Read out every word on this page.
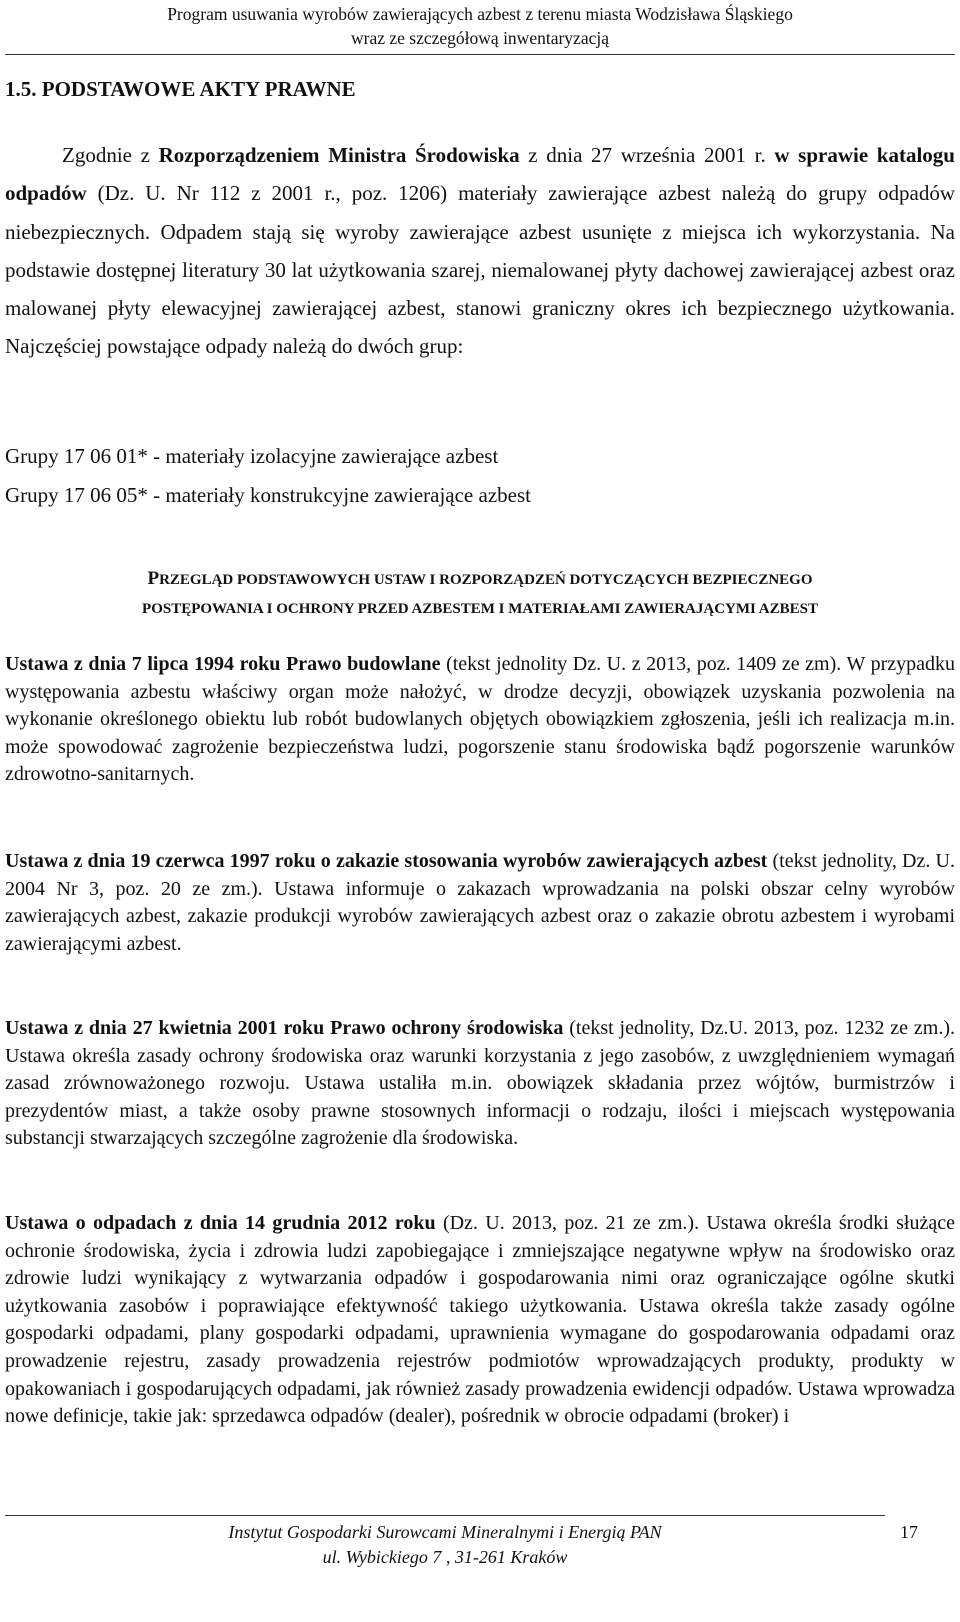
Program usuwania wyrobów zawierających azbest z terenu miasta Wodzisława Śląskiego
wraz ze szczegółową inwentaryzacją
1.5. PODSTAWOWE AKTY PRAWNE
Zgodnie z Rozporządzeniem Ministra Środowiska z dnia 27 września 2001 r. w sprawie katalogu odpadów (Dz. U. Nr 112 z 2001 r., poz. 1206) materiały zawierające azbest należą do grupy odpadów niebezpiecznych. Odpadem stają się wyroby zawierające azbest usunięte z miejsca ich wykorzystania. Na podstawie dostępnej literatury 30 lat użytkowania szarej, niemalowanej płyty dachowej zawierającej azbest oraz malowanej płyty elewacyjnej zawierającej azbest, stanowi graniczny okres ich bezpiecznego użytkowania. Najczęściej powstające odpady należą do dwóch grup:
Grupy 17 06 01* - materiały izolacyjne zawierające azbest
Grupy 17 06 05* - materiały konstrukcyjne zawierające azbest
PRZEGLĄD PODSTAWOWYCH USTAW I ROZPORZĄDZEŃ DOTYCZĄCYCH BEZPIECZNEGO
POSTĘPOWANIA I OCHRONY PRZED AZBESTEM I MATERIAŁAMI ZAWIERAJĄCYMI AZBEST
Ustawa z dnia 7 lipca 1994 roku Prawo budowlane (tekst jednolity Dz. U. z 2013, poz. 1409 ze zm). W przypadku występowania azbestu właściwy organ może nałożyć, w drodze decyzji, obowiązek uzyskania pozwolenia na wykonanie określonego obiektu lub robót budowlanych objętych obowiązkiem zgłoszenia, jeśli ich realizacja m.in. może spowodować zagrożenie bezpieczeństwa ludzi, pogorszenie stanu środowiska bądź pogorszenie warunków zdrowotno-sanitarnych.
Ustawa z dnia 19 czerwca 1997 roku o zakazie stosowania wyrobów zawierających azbest (tekst jednolity, Dz. U. 2004 Nr 3, poz. 20 ze zm.). Ustawa informuje o zakazach wprowadzania na polski obszar celny wyrobów zawierających azbest, zakazie produkcji wyrobów zawierających azbest oraz o zakazie obrotu azbestem i wyrobami zawierającymi azbest.
Ustawa z dnia 27 kwietnia 2001 roku Prawo ochrony środowiska (tekst jednolity, Dz.U. 2013, poz. 1232 ze zm.). Ustawa określa zasady ochrony środowiska oraz warunki korzystania z jego zasobów, z uwzględnieniem wymagań zasad zrównoważonego rozwoju. Ustawa ustaliła m.in. obowiązek składania przez wójtów, burmistrzów i prezydentów miast, a także osoby prawne stosownych informacji o rodzaju, ilości i miejscach występowania substancji stwarzających szczególne zagrożenie dla środowiska.
Ustawa o odpadach z dnia 14 grudnia 2012 roku (Dz. U. 2013, poz. 21 ze zm.). Ustawa określa środki służące ochronie środowiska, życia i zdrowia ludzi zapobiegające i zmniejszające negatywne wpływ na środowisko oraz zdrowie ludzi wynikający z wytwarzania odpadów i gospodarowania nimi oraz ograniczające ogólne skutki użytkowania zasobów i poprawiające efektywność takiego użytkowania. Ustawa określa także zasady ogólne gospodarki odpadami, plany gospodarki odpadami, uprawnienia wymagane do gospodarowania odpadami oraz prowadzenie rejestru, zasady prowadzenia rejestrów podmiotów wprowadzających produkty, produkty w opakowaniach i gospodarujących odpadami, jak również zasady prowadzenia ewidencji odpadów. Ustawa wprowadza nowe definicje, takie jak: sprzedawca odpadów (dealer), pośrednik w obrocie odpadami (broker) i
Instytut Gospodarki Surowcami Mineralnymi i Energią PAN
ul. Wybickiego 7 , 31-261 Kraków
17
